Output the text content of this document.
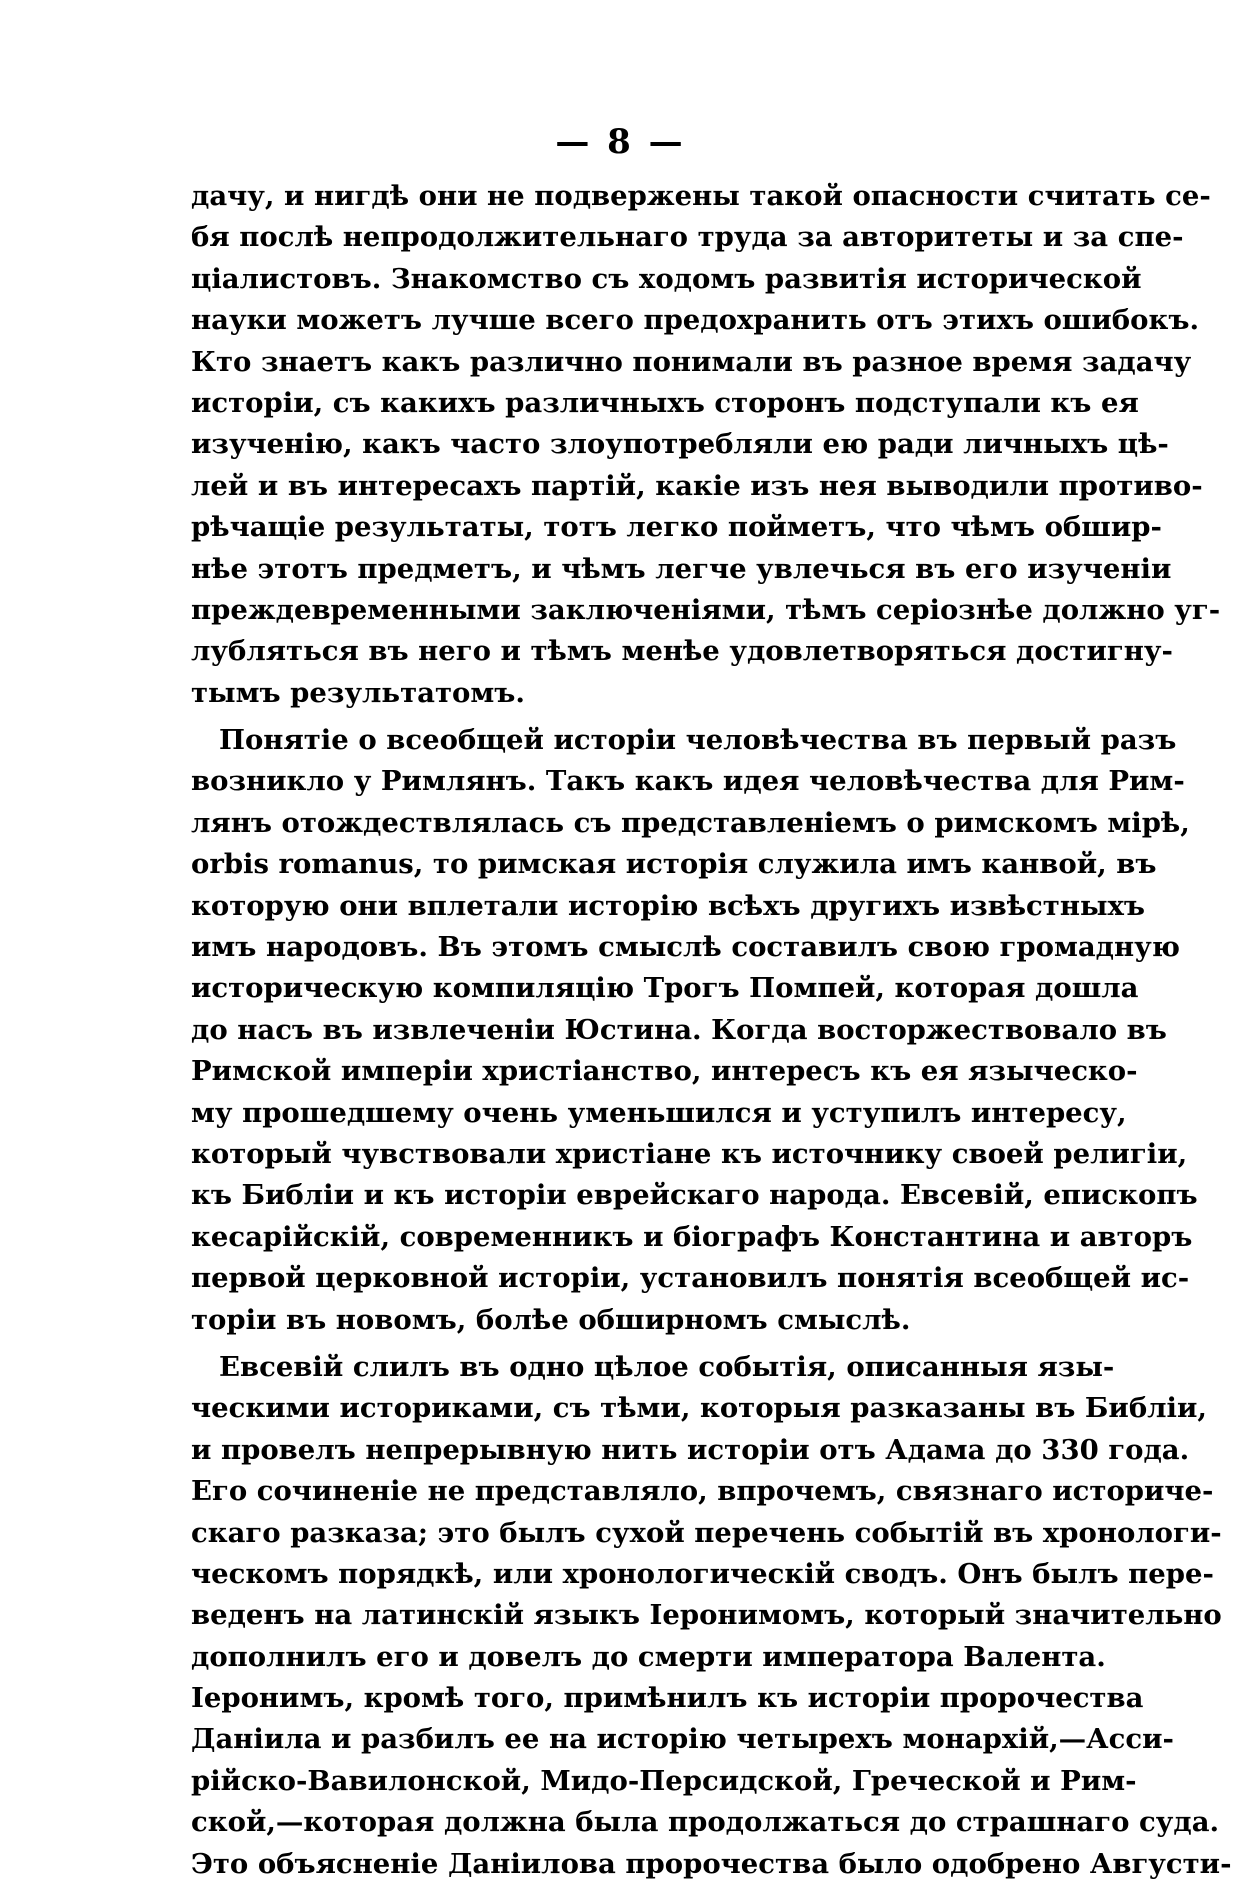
— 8 —
дачу, и нигдѣ они не подвержены такой опасности считать се-
бя послѣ непродолжительнаго труда за авторитеты и за спе-
ціалистовъ. Знакомство съ ходомъ развитія исторической
науки можетъ лучше всего предохранить отъ этихъ ошибокъ.
Кто знаетъ какъ различно понимали въ разное время задачу
исторіи, съ какихъ различныхъ сторонъ подступали къ ея
изученію, какъ часто злоупотребляли ею ради личныхъ цѣ-
лей и въ интересахъ партій, какіе изъ нея выводили противо-
рѣчащіе результаты, тотъ легко пойметъ, что чѣмъ обшир-
нѣе этотъ предметъ, и чѣмъ легче увлечься въ его изученіи
преждевременными заключеніями, тѣмъ серіознѣе должно уг-
лубляться въ него и тѣмъ менѣе удовлетворяться достигну-
тымъ результатомъ.
Понятіе о всеобщей исторіи человѣчества въ первый разъ
возникло у Римлянъ. Такъ какъ идея человѣчества для Рим-
лянъ отождествлялась съ представленіемъ о римскомъ мірѣ,
orbis romanus, то римская исторія служила имъ канвой, въ
которую они вплетали исторію всѣхъ другихъ извѣстныхъ
имъ народовъ. Въ этомъ смыслѣ составилъ свою громадную
историческую компиляцію Трогъ Помпей, которая дошла
до насъ въ извлеченіи Юстина. Когда восторжествовало въ
Римской имперіи христіанство, интересъ къ ея языческо-
му прошедшему очень уменьшился и уступилъ интересу,
который чувствовали христіане къ источнику своей религіи,
къ Библіи и къ исторіи еврейскаго народа. Евсевій, епископъ
кесарійскій, современникъ и біографъ Константина и авторъ
первой церковной исторіи, установилъ понятія всеобщей ис-
торіи въ новомъ, болѣе обширномъ смыслѣ.
Евсевій слилъ въ одно цѣлое событія, описанныя язы-
ческими историками, съ тѣми, которыя разказаны въ Библіи,
и провелъ непрерывную нить исторіи отъ Адама до 330 года.
Его сочиненіе не представляло, впрочемъ, связнаго историче-
скаго разказа; это былъ сухой перечень событій въ хронологи-
ческомъ порядкѣ, или хронологическій сводъ. Онъ былъ пере-
веденъ на латинскій языкъ Іеронимомъ, который значительно
дополнилъ его и довелъ до смерти императора Валента.
Іеронимъ, кромѣ того, примѣнилъ къ исторіи пророчества
Даніила и разбилъ ее на исторію четырехъ монархій,—Асси-
рійско-Вавилонской, Мидо-Персидской, Греческой и Рим-
ской,—которая должна была продолжаться до страшнаго суда.
Это объясненіе Даніилова пророчества было одобрено Августи-
